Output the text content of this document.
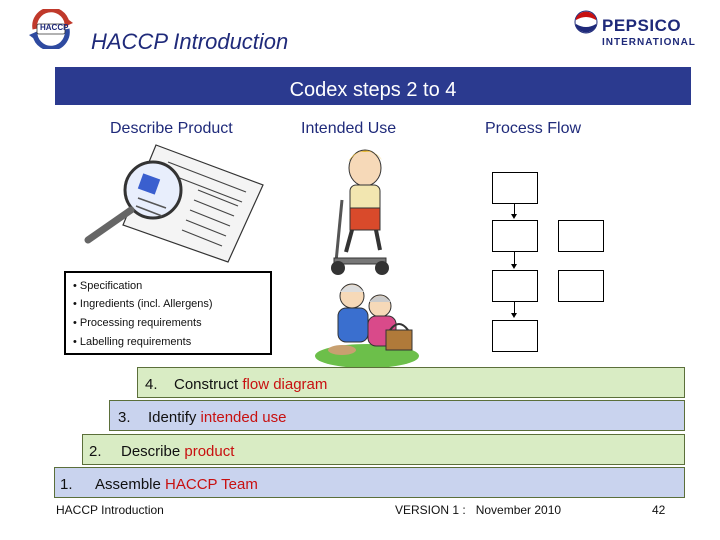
HACCP
HACCP Introduction
PEPSICO
INTERNATIONAL
Codex steps 2 to 4
Describe Product	Intended Use	Process Flow
• Specification
• Ingredients (incl. Allergens)
• Processing requirements
• Labelling requirements
4. Construct flow diagram
3. Identify intended use
2. Describe product
1. Assemble HACCP Team
HACCP Introduction	VERSION 1 :   November 2010	42
